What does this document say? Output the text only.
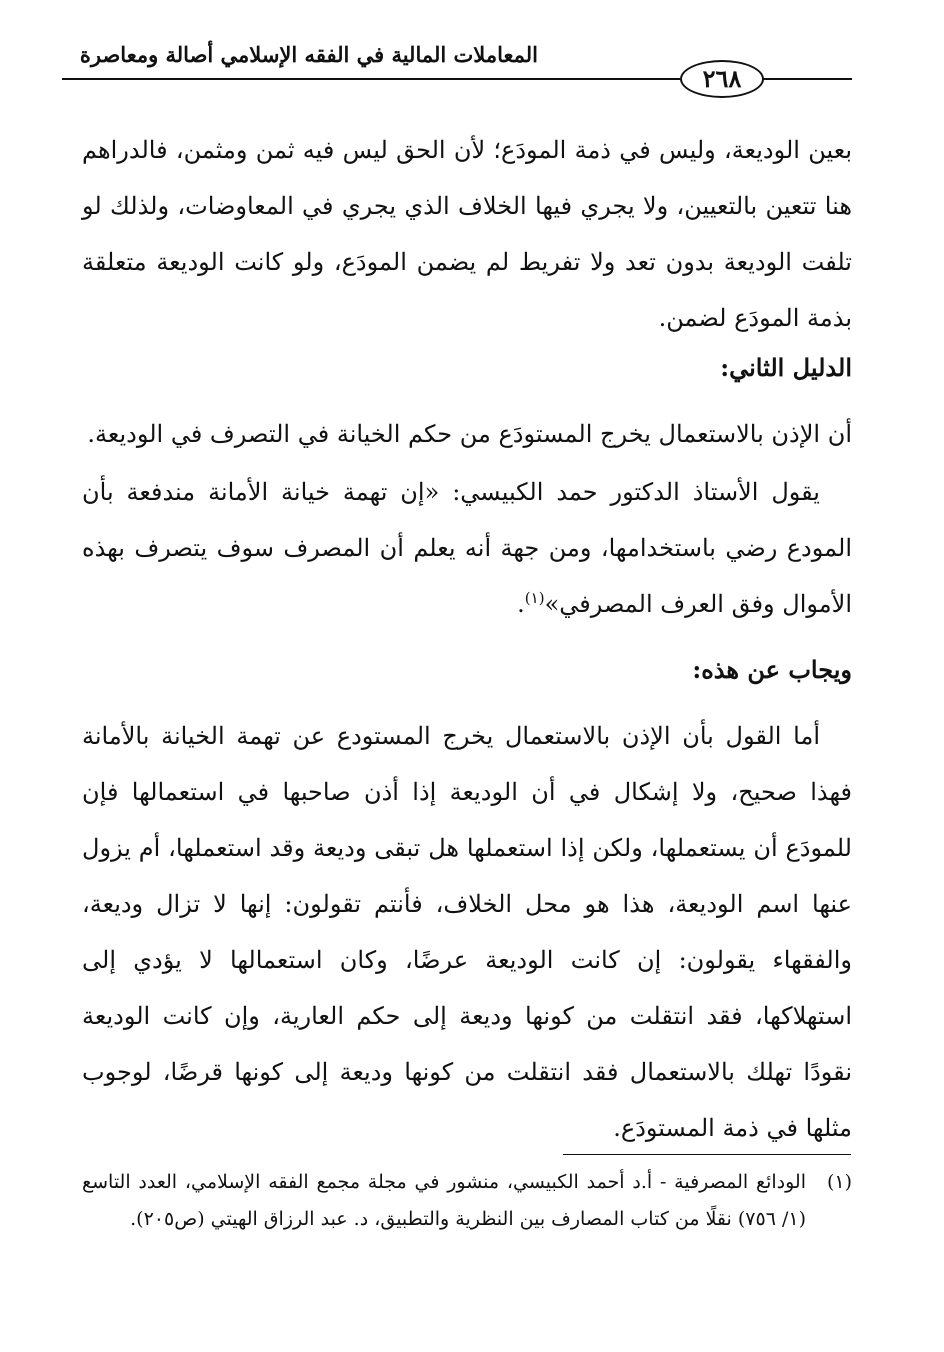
المعاملات المالية في الفقه الإسلامي أصالة ومعاصرة
٢٦٨

بعين الوديعة، وليس في ذمة المودَع؛ لأن الحق ليس فيه ثمن ومثمن، فالدراهم هنا تتعين بالتعيين، ولا يجري فيها الخلاف الذي يجري في المعاوضات، ولذلك لو تلفت الوديعة بدون تعد ولا تفريط لم يضمن المودَع، ولو كانت الوديعة متعلقة بذمة المودَع لضمن.

الدليل الثاني:

أن الإذن بالاستعمال يخرج المستودَع من حكم الخيانة في التصرف في الوديعة.

يقول الأستاذ الدكتور حمد الكبيسي: «إن تهمة خيانة الأمانة مندفعة بأن المودع رضي باستخدامها، ومن جهة أنه يعلم أن المصرف سوف يتصرف بهذه الأموال وفق العرف المصرفي»$^{(١)}$.

ويجاب عن هذه:

أما القول بأن الإذن بالاستعمال يخرج المستودع عن تهمة الخيانة بالأمانة فهذا صحيح، ولا إشكال في أن الوديعة إذا أذن صاحبها في استعمالها فإن للمودَع أن يستعملها، ولكن إذا استعملها هل تبقى وديعة وقد استعملها، أم يزول عنها اسم الوديعة، هذا هو محل الخلاف، فأنتم تقولون: إنها لا تزال وديعة، والفقهاء يقولون: إن كانت الوديعة عرضًا، وكان استعمالها لا يؤدي إلى استهلاكها، فقد انتقلت من كونها وديعة إلى حكم العارية، وإن كانت الوديعة نقودًا تهلك بالاستعمال فقد انتقلت من كونها وديعة إلى كونها قرضًا، لوجوب مثلها في ذمة المستودَع.

(١)
الودائع المصرفية - أ.د أحمد الكبيسي، منشور في مجلة مجمع الفقه الإسلامي، العدد التاسع (١/ ٧٥٦) نقلًا من كتاب المصارف بين النظرية والتطبيق، د. عبد الرزاق الهيتي (ص٢٠٥).
